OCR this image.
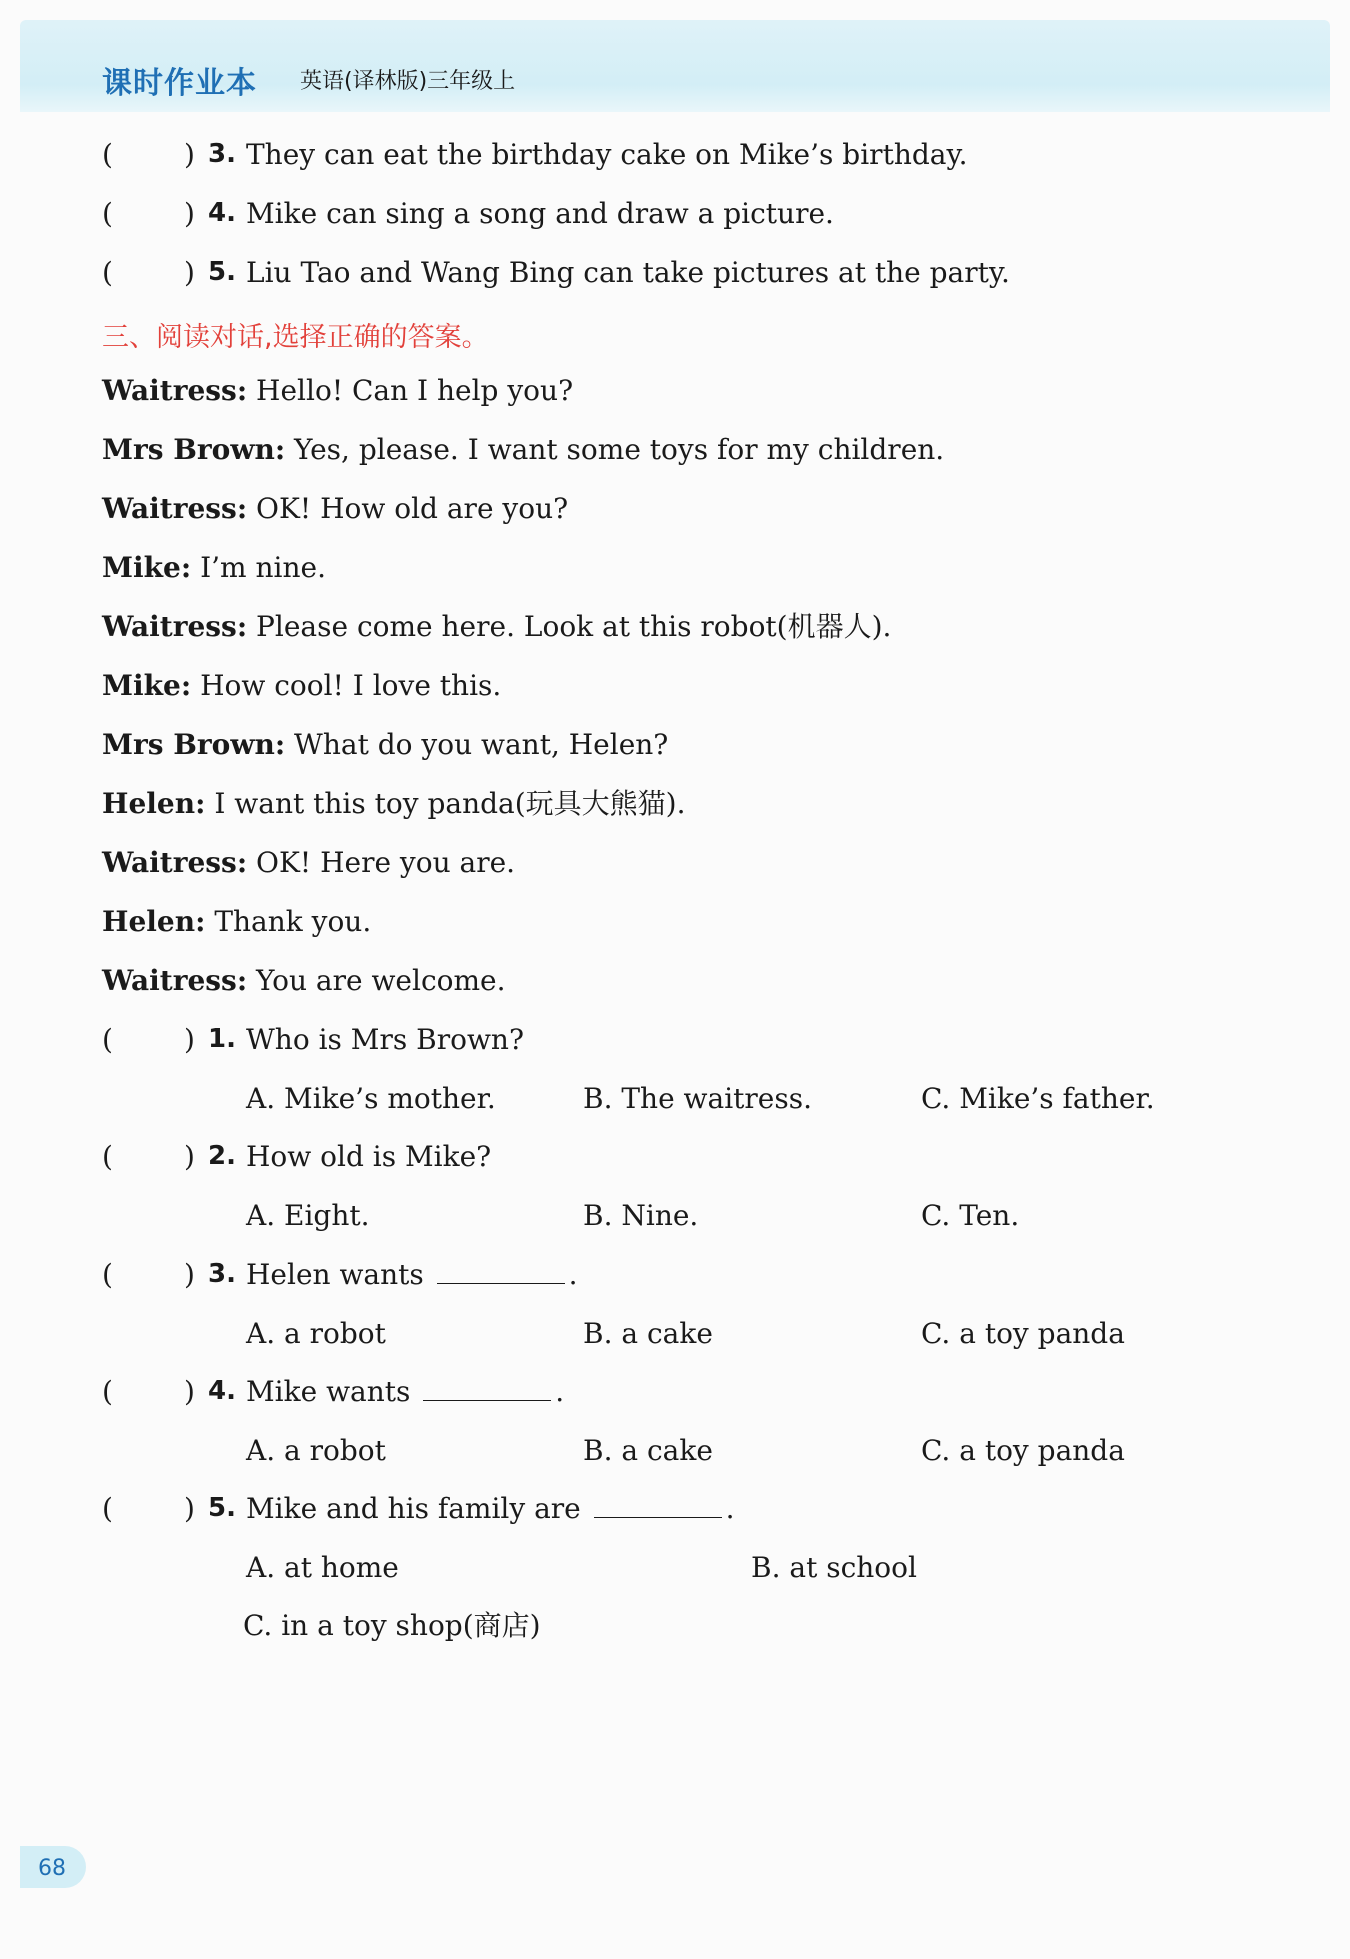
课时作业本 英语(译林版)三年级上
(	) 3. They can eat the birthday cake on Mike’s birthday.
(	) 4. Mike can sing a song and draw a picture.
(	) 5. Liu Tao and Wang Bing can take pictures at the party.
三、阅读对话,选择正确的答案。
Waitress: Hello! Can I help you?
Mrs Brown: Yes, please. I want some toys for my children.
Waitress: OK! How old are you?
Mike: I’m nine.
Waitress: Please come here. Look at this robot(机器人).
Mike: How cool! I love this.
Mrs Brown: What do you want, Helen?
Helen: I want this toy panda(玩具大熊猫).
Waitress: OK! Here you are.
Helen: Thank you.
Waitress: You are welcome.
(	) 1. Who is Mrs Brown?
A. Mike’s mother.	B. The waitress.	C. Mike’s father.
(	) 2. How old is Mike?
A. Eight.	B. Nine.	C. Ten.
(	) 3. Helen wants	.
A. a robot	B. a cake	C. a toy panda
(	) 4. Mike wants	.
A. a robot	B. a cake	C. a toy panda
(	) 5. Mike and his family are	.
A. at home	B. at school
C. in a toy shop(商店)
68
